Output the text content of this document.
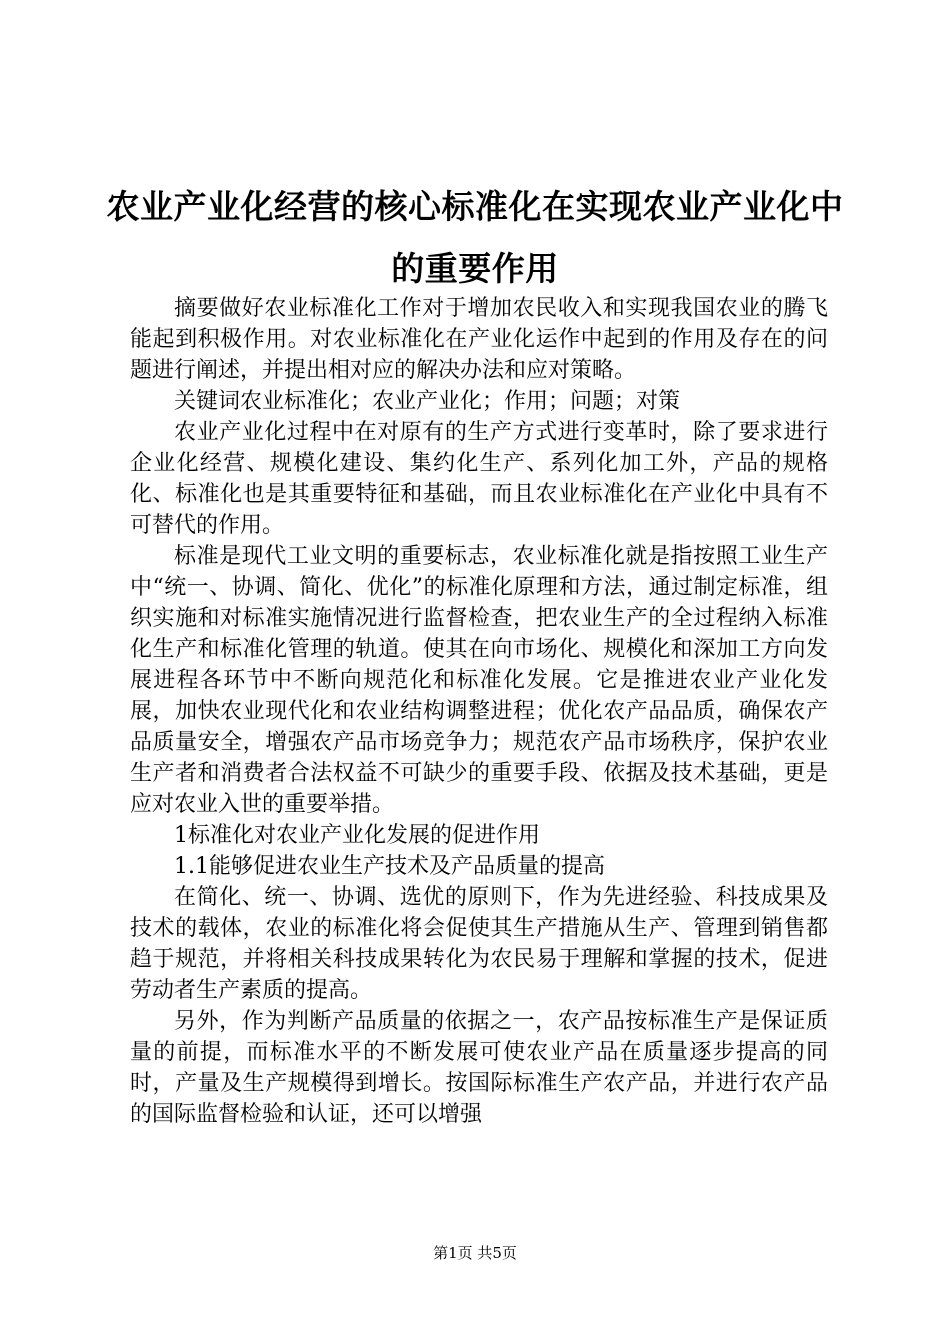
农业产业化经营的核心标准化在实现农业产业化中的重要作用

摘要做好农业标准化工作对于增加农民收入和实现我国农业的腾飞能起到积极作用。对农业标准化在产业化运作中起到的作用及存在的问题进行阐述，并提出相对应的解决办法和应对策略。

关键词农业标准化；农业产业化；作用；问题；对策

农业产业化过程中在对原有的生产方式进行变革时，除了要求进行企业化经营、规模化建设、集约化生产、系列化加工外，产品的规格化、标准化也是其重要特征和基础，而且农业标准化在产业化中具有不可替代的作用。

标准是现代工业文明的重要标志，农业标准化就是指按照工业生产中“统一、协调、简化、优化”的标准化原理和方法，通过制定标准，组织实施和对标准实施情况进行监督检查，把农业生产的全过程纳入标准化生产和标准化管理的轨道。使其在向市场化、规模化和深加工方向发展进程各环节中不断向规范化和标准化发展。它是推进农业产业化发展，加快农业现代化和农业结构调整进程；优化农产品品质，确保农产品质量安全，增强农产品市场竞争力；规范农产品市场秩序，保护农业生产者和消费者合法权益不可缺少的重要手段、依据及技术基础，更是应对农业入世的重要举措。

1标准化对农业产业化发展的促进作用

1.1能够促进农业生产技术及产品质量的提高

在简化、统一、协调、选优的原则下，作为先进经验、科技成果及技术的载体，农业的标准化将会促使其生产措施从生产、管理到销售都趋于规范，并将相关科技成果转化为农民易于理解和掌握的技术，促进劳动者生产素质的提高。

另外，作为判断产品质量的依据之一，农产品按标准生产是保证质量的前提，而标准水平的不断发展可使农业产品在质量逐步提高的同时，产量及生产规模得到增长。按国际标准生产农产品，并进行农产品的国际监督检验和认证，还可以增强

第1页 共5页
